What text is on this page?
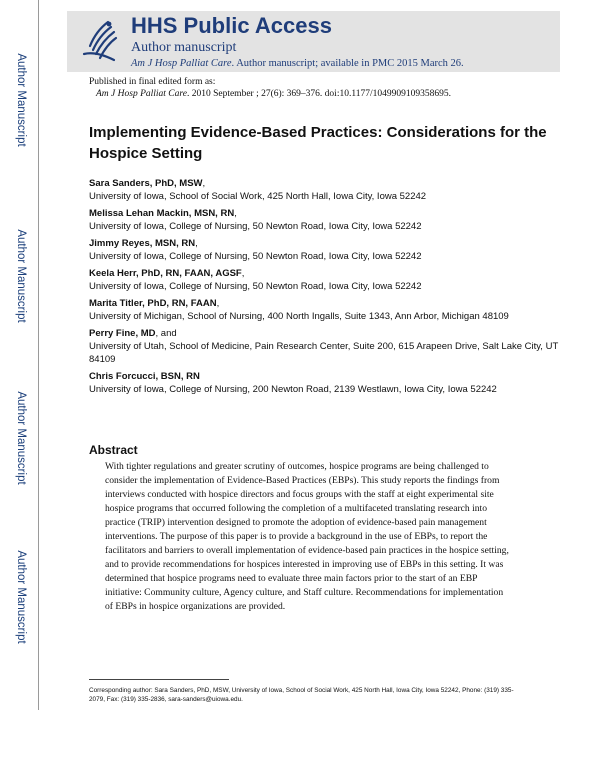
Author Manuscript
Author Manuscript
Author Manuscript
Author Manuscript
HHS Public Access
Author manuscript
Am J Hosp Palliat Care. Author manuscript; available in PMC 2015 March 26.
Published in final edited form as:
Am J Hosp Palliat Care. 2010 September ; 27(6): 369–376. doi:10.1177/1049909109358695.
Implementing Evidence-Based Practices: Considerations for the Hospice Setting
Sara Sanders, PhD, MSW,
University of Iowa, School of Social Work, 425 North Hall, Iowa City, Iowa 52242
Melissa Lehan Mackin, MSN, RN,
University of Iowa, College of Nursing, 50 Newton Road, Iowa City, Iowa 52242
Jimmy Reyes, MSN, RN,
University of Iowa, College of Nursing, 50 Newton Road, Iowa City, Iowa 52242
Keela Herr, PhD, RN, FAAN, AGSF,
University of Iowa, College of Nursing, 50 Newton Road, Iowa City, Iowa 52242
Marita Titler, PhD, RN, FAAN,
University of Michigan, School of Nursing, 400 North Ingalls, Suite 1343, Ann Arbor, Michigan 48109
Perry Fine, MD, and
University of Utah, School of Medicine, Pain Research Center, Suite 200, 615 Arapeen Drive, Salt Lake City, UT 84109
Chris Forcucci, BSN, RN
University of Iowa, College of Nursing, 200 Newton Road, 2139 Westlawn, Iowa City, Iowa 52242
Abstract
With tighter regulations and greater scrutiny of outcomes, hospice programs are being challenged to consider the implementation of Evidence-Based Practices (EBPs). This study reports the findings from interviews conducted with hospice directors and focus groups with the staff at eight experimental site hospice programs that occurred following the completion of a multifaceted translating research into practice (TRIP) intervention designed to promote the adoption of evidence-based pain management interventions. The purpose of this paper is to provide a background in the use of EBPs, to report the facilitators and barriers to overall implementation of evidence-based pain practices in the hospice setting, and to provide recommendations for hospices interested in improving use of EBPs in this setting. It was determined that hospice programs need to evaluate three main factors prior to the start of an EBP initiative: Community culture, Agency culture, and Staff culture. Recommendations for implementation of EBPs in hospice organizations are provided.
Corresponding author: Sara Sanders, PhD, MSW, University of Iowa, School of Social Work, 425 North Hall, Iowa City, Iowa 52242, Phone: (319) 335-2079, Fax: (319) 335-2836, sara-sanders@uiowa.edu.
